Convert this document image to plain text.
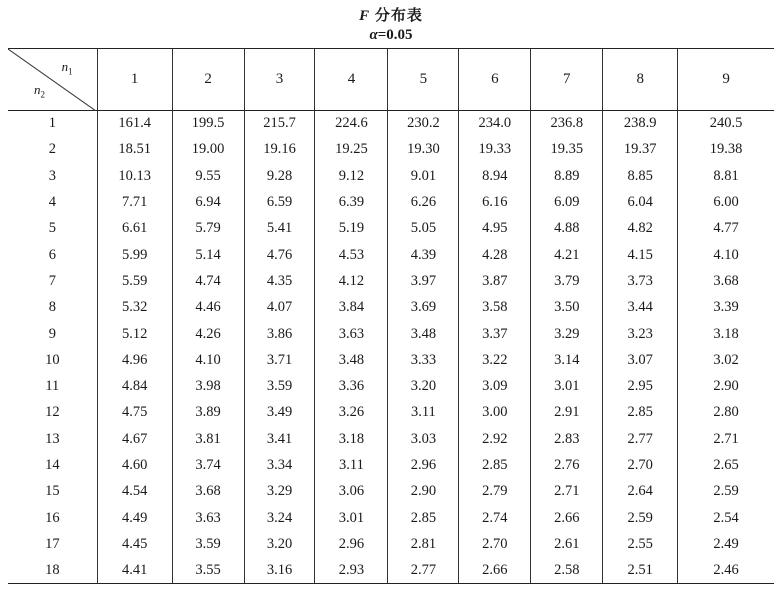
F 分布表
α=0.05
$n_1$
$n_2$	1	2	3	4	5	6	7	8	9
1	161.4	199.5	215.7	224.6	230.2	234.0	236.8	238.9	240.5
2	18.51	19.00	19.16	19.25	19.30	19.33	19.35	19.37	19.38
3	10.13	9.55	9.28	9.12	9.01	8.94	8.89	8.85	8.81
4	7.71	6.94	6.59	6.39	6.26	6.16	6.09	6.04	6.00
5	6.61	5.79	5.41	5.19	5.05	4.95	4.88	4.82	4.77
6	5.99	5.14	4.76	4.53	4.39	4.28	4.21	4.15	4.10
7	5.59	4.74	4.35	4.12	3.97	3.87	3.79	3.73	3.68
8	5.32	4.46	4.07	3.84	3.69	3.58	3.50	3.44	3.39
9	5.12	4.26	3.86	3.63	3.48	3.37	3.29	3.23	3.18
10	4.96	4.10	3.71	3.48	3.33	3.22	3.14	3.07	3.02
11	4.84	3.98	3.59	3.36	3.20	3.09	3.01	2.95	2.90
12	4.75	3.89	3.49	3.26	3.11	3.00	2.91	2.85	2.80
13	4.67	3.81	3.41	3.18	3.03	2.92	2.83	2.77	2.71
14	4.60	3.74	3.34	3.11	2.96	2.85	2.76	2.70	2.65
15	4.54	3.68	3.29	3.06	2.90	2.79	2.71	2.64	2.59
16	4.49	3.63	3.24	3.01	2.85	2.74	2.66	2.59	2.54
17	4.45	3.59	3.20	2.96	2.81	2.70	2.61	2.55	2.49
18	4.41	3.55	3.16	2.93	2.77	2.66	2.58	2.51	2.46
